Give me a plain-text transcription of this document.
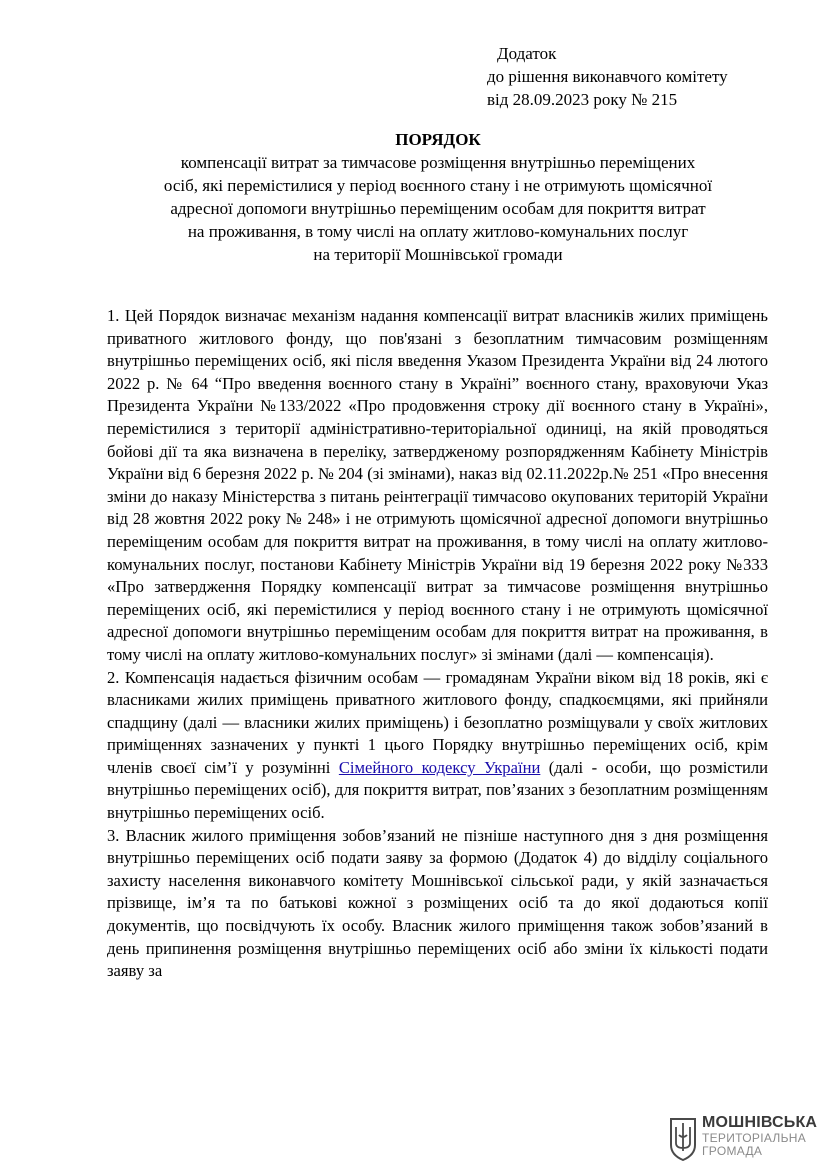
Додаток
до рішення виконавчого комітету
від 28.09.2023 року № 215
ПОРЯДОК
компенсації витрат за тимчасове розміщення внутрішньо переміщених
осіб, які перемістилися у період воєнного стану і не отримують щомісячної
адресної допомоги внутрішньо переміщеним особам для покриття витрат
на проживання, в тому числі на оплату житлово-комунальних послуг
на території Мошнівської громади

1. Цей Порядок визначає механізм надання компенсації витрат власників жилих приміщень приватного житлового фонду, що пов'язані з безоплатним тимчасовим розміщенням внутрішньо переміщених осіб, які після введення Указом Президента України від 24 лютого 2022 р. № 64 “Про введення воєнного стану в Україні” воєнного стану, враховуючи Указ Президента України №133/2022 «Про продовження строку дії воєнного стану в Україні», перемістилися з території адміністративно-територіальної одиниці, на якій проводяться бойові дії та яка визначена в переліку, затвердженому розпорядженням Кабінету Міністрів України від 6 березня 2022 р. № 204 (зі змінами), наказ від 02.11.2022р.№ 251 «Про внесення зміни до наказу Міністерства з питань реінтеграції тимчасово окупованих територій України від 28 жовтня 2022 року № 248» і не отримують щомісячної адресної допомоги внутрішньо переміщеним особам для покриття витрат на проживання, в тому числі на оплату житлово-комунальних послуг, постанови Кабінету Міністрів України від 19 березня 2022 року №333 «Про затвердження Порядку компенсації витрат за тимчасове розміщення внутрішньо переміщених осіб, які перемістилися у період воєнного стану і не отримують щомісячної адресної допомоги внутрішньо переміщеним особам для покриття витрат на проживання, в тому числі на оплату житлово-комунальних послуг» зі змінами (далі — компенсація).

2. Компенсація надається фізичним особам — громадянам України віком від 18 років, які є власниками жилих приміщень приватного житлового фонду, спадкоємцями, які прийняли спадщину (далі — власники жилих приміщень) і безоплатно розміщували у своїх житлових приміщеннях зазначених у пункті 1 цього Порядку внутрішньо переміщених осіб, крім членів своєї сім’ї у розумінні Сімейного кодексу України (далі - особи, що розмістили внутрішньо переміщених осіб), для покриття витрат, пов’язаних з безоплатним розміщенням внутрішньо переміщених осіб.

3. Власник жилого приміщення зобов’язаний не пізніше наступного дня з дня розміщення внутрішньо переміщених осіб подати заяву за формою (Додаток 4) до відділу соціального захисту населення виконавчого комітету Мошнівської сільської ради, у якій зазначається прізвище, ім’я та по батькові кожної з розміщених осіб та до якої додаються копії документів, що посвідчують їх особу. Власник жилого приміщення також зобов’язаний в день припинення розміщення внутрішньо переміщених осіб або зміни їх кількості подати заяву за

МОШНІВСЬКА
ТЕРИТОРІАЛЬНА
ГРОМАДА
